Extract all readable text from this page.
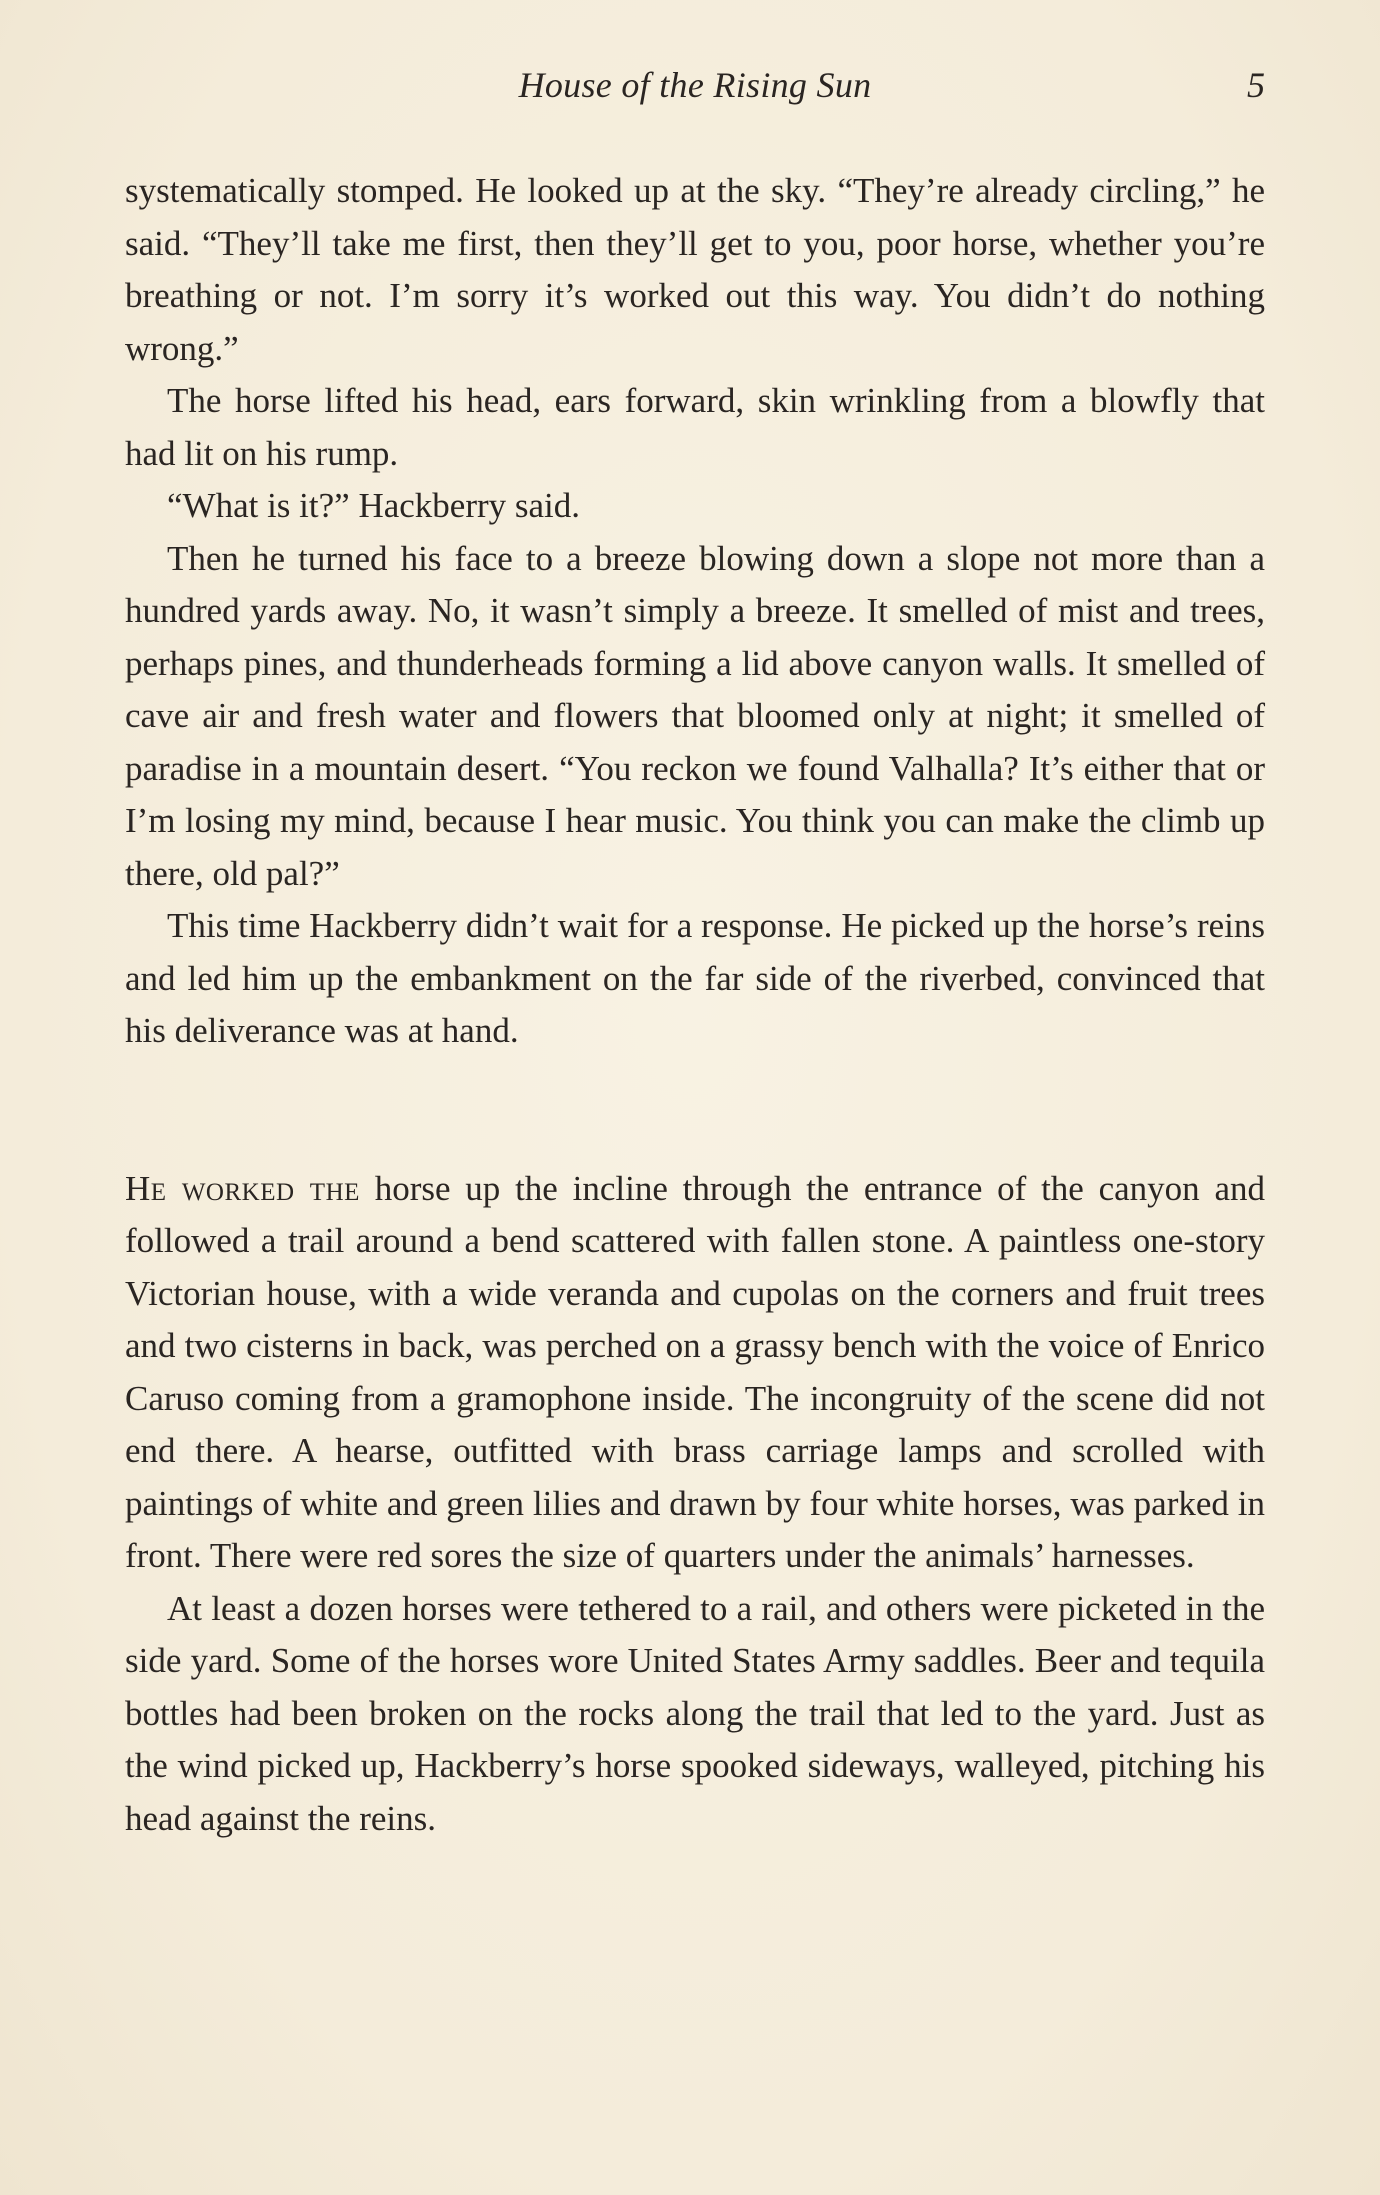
House of the Rising Sun	5

systematically stomped. He looked up at the sky. “They’re already circling,” he said. “They’ll take me first, then they’ll get to you, poor horse, whether you’re breathing or not. I’m sorry it’s worked out this way. You didn’t do nothing wrong.”

The horse lifted his head, ears forward, skin wrinkling from a blowfly that had lit on his rump.

“What is it?” Hackberry said.

Then he turned his face to a breeze blowing down a slope not more than a hundred yards away. No, it wasn’t simply a breeze. It smelled of mist and trees, perhaps pines, and thunderheads forming a lid above canyon walls. It smelled of cave air and fresh water and flowers that bloomed only at night; it smelled of paradise in a mountain desert. “You reckon we found Valhalla? It’s either that or I’m losing my mind, because I hear music. You think you can make the climb up there, old pal?”

This time Hackberry didn’t wait for a response. He picked up the horse’s reins and led him up the embankment on the far side of the riverbed, convinced that his deliverance was at hand.

He worked the horse up the incline through the entrance of the canyon and followed a trail around a bend scattered with fallen stone. A paintless one-story Victorian house, with a wide veranda and cupolas on the corners and fruit trees and two cisterns in back, was perched on a grassy bench with the voice of Enrico Caruso coming from a gramophone inside. The incongruity of the scene did not end there. A hearse, outfitted with brass carriage lamps and scrolled with paintings of white and green lilies and drawn by four white horses, was parked in front. There were red sores the size of quarters under the animals’ harnesses.

At least a dozen horses were tethered to a rail, and others were picketed in the side yard. Some of the horses wore United States Army saddles. Beer and tequila bottles had been broken on the rocks along the trail that led to the yard. Just as the wind picked up, Hackberry’s horse spooked sideways, walleyed, pitching his head against the reins.
